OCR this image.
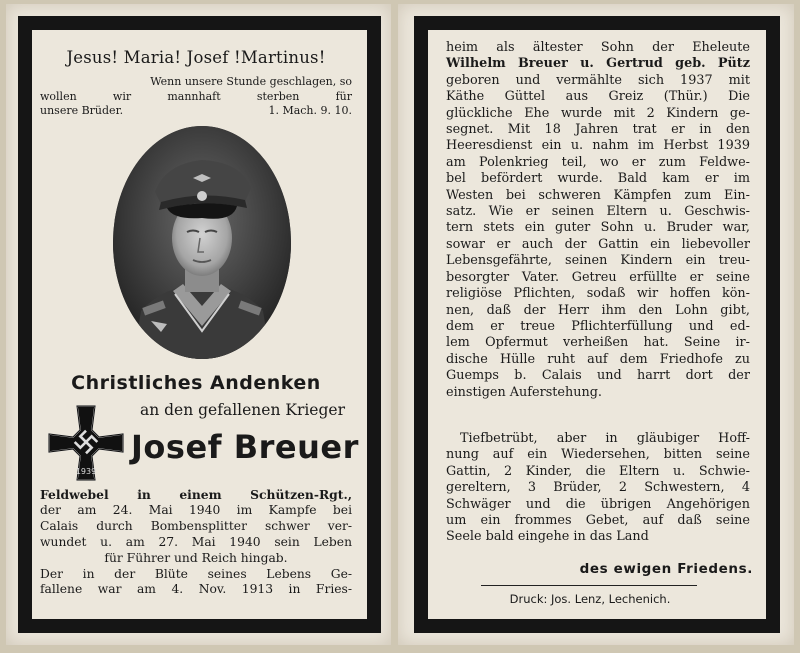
Jesus! Maria! Josef !Martinus!
Wenn unsere Stunde geschlagen, so
wollen wir mannhaft sterben für
unsere Brüder.	1. Mach. 9. 10.
Christliches Andenken
an den gefallenen Krieger
1939
Josef Breuer
Feldwebel in einem Schützen-Rgt.,
der am 24. Mai 1940 im Kampfe bei
Calais durch Bombensplitter schwer ver-
wundet u. am 27. Mai 1940 sein Leben
für Führer und Reich hingab.
Der in der Blüte seines Lebens Ge-
fallene war am 4. Nov. 1913 in Fries-
heim als ältester Sohn der Eheleute
Wilhelm Breuer u. Gertrud geb. Pütz
geboren und vermählte sich 1937 mit
Käthe Güttel aus Greiz (Thür.) Die
glückliche Ehe wurde mit 2 Kindern ge-
segnet. Mit 18 Jahren trat er in den
Heeresdienst ein u. nahm im Herbst 1939
am Polenkrieg teil, wo er zum Feldwe-
bel befördert wurde. Bald kam er im
Westen bei schweren Kämpfen zum Ein-
satz. Wie er seinen Eltern u. Geschwis-
tern stets ein guter Sohn u. Bruder war,
sowar er auch der Gattin ein liebevoller
Lebensgefährte, seinen Kindern ein treu-
besorgter Vater. Getreu erfüllte er seine
religiöse Pflichten, sodaß wir hoffen kön-
nen, daß der Herr ihm den Lohn gibt,
dem er treue Pflichterfüllung und ed-
lem Opfermut verheißen hat. Seine ir-
dische Hülle ruht auf dem Friedhofe zu
Guemps b. Calais und harrt dort der
einstigen Auferstehung.
Tiefbetrübt, aber in gläubiger Hoff-
nung auf ein Wiedersehen, bitten seine
Gattin, 2 Kinder, die Eltern u. Schwie-
gereltern, 3 Brüder, 2 Schwestern, 4
Schwäger und die übrigen Angehörigen
um ein frommes Gebet, auf daß seine
Seele bald eingehe in das Land
des ewigen Friedens.
Druck: Jos. Lenz, Lechenich.
